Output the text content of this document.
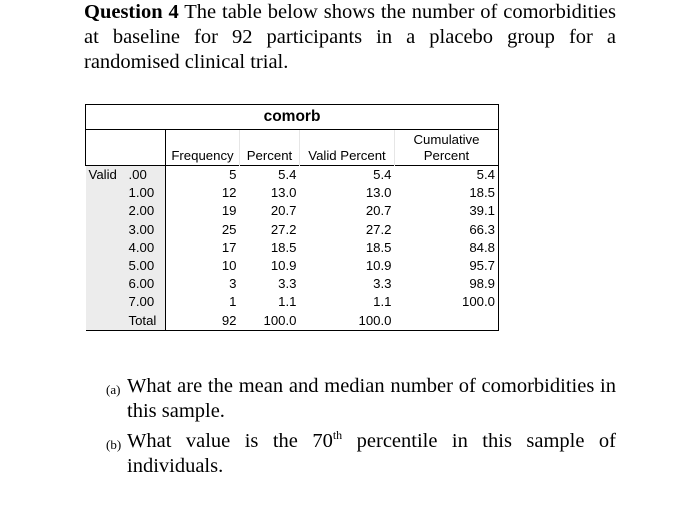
Question 4 The table below shows the number of comorbidities at baseline for 92 participants in a placebo group for a randomised clinical trial.
comorb					
		Frequency	Percent	Valid Percent	Cumulative Percent
Valid	.00	5	5.4	5.4	5.4
	1.00	12	13.0	13.0	18.5
	2.00	19	20.7	20.7	39.1
	3.00	25	27.2	27.2	66.3
	4.00	17	18.5	18.5	84.8
	5.00	10	10.9	10.9	95.7
	6.00	3	3.3	3.3	98.9
	7.00	1	1.1	1.1	100.0
	Total	92	100.0	100.0	
(a) What are the mean and median number of comorbidities in this sample.
(b) What value is the 70th percentile in this sample of individuals.
